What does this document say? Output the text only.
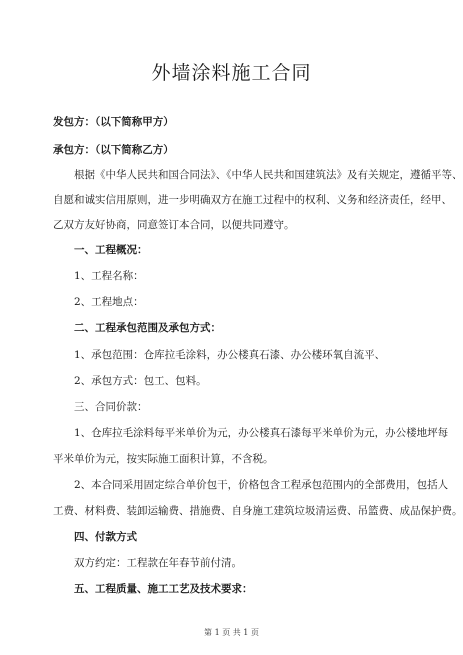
外墙涂料施工合同
发包方：（以下简称甲方）
承包方：（以下简称乙方）
根据《中华人民共和国合同法》、《中华人民共和国建筑法》及有关规定，遵循平等、
自愿和诚实信用原则，进一步明确双方在施工过程中的权利、义务和经济责任，经甲、
乙双方友好协商，同意签订本合同，以便共同遵守。
一、工程概况：
1、工程名称：
2、工程地点：
二、工程承包范围及承包方式：
1、承包范围：仓库拉毛涂料，办公楼真石漆、办公楼环氧自流平、
2、承包方式：包工、包料。
三、合同价款：
1、仓库拉毛涂料每平米单价为元，办公楼真石漆每平米单价为元，办公楼地坪每
平米单价为元，按实际施工面积计算，不含税。
2、本合同采用固定综合单价包干，价格包含工程承包范围内的全部费用，包括人
工费、材料费、装卸运输费、措施费、自身施工建筑垃圾清运费、吊篮费、成品保护费。
四、付款方式
双方约定：工程款在年春节前付清。
五、工程质量、施工工艺及技术要求：
第 1 页 共 1 页
